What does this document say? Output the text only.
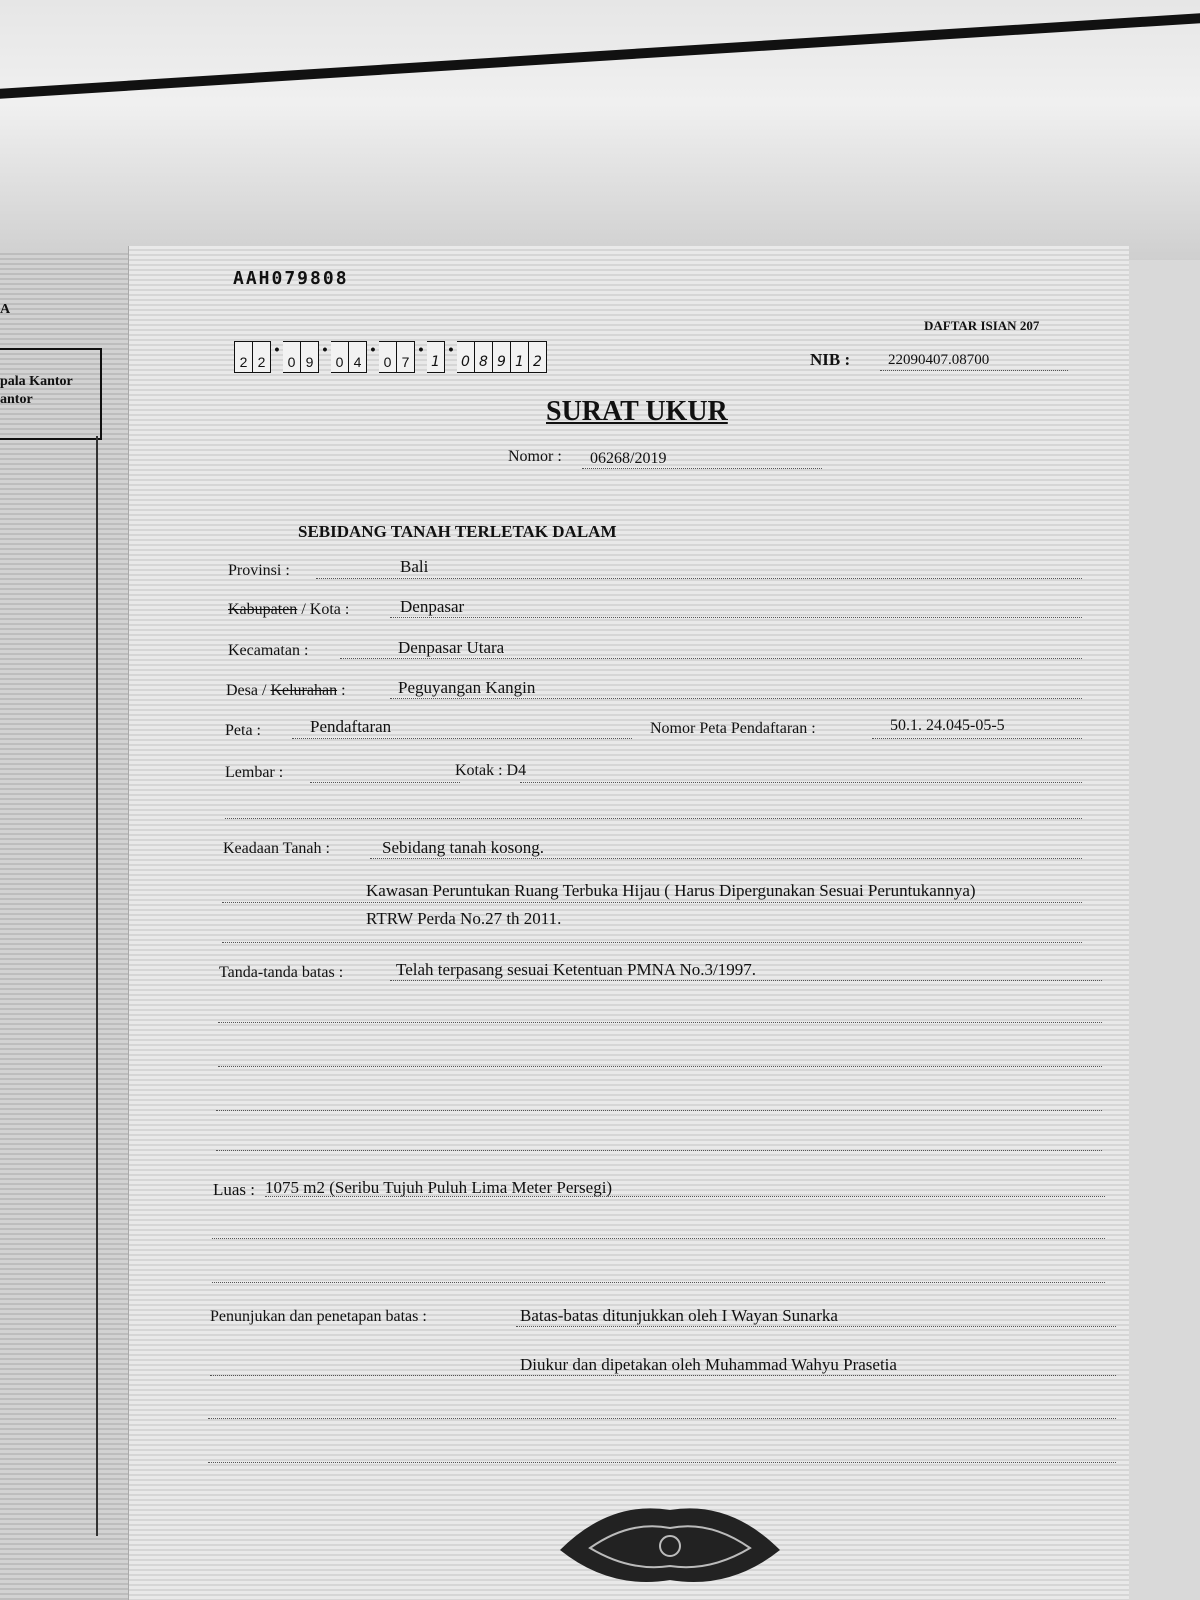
A
pala Kantor
antor
AAH079808
DAFTAR ISIAN 207
2 2
•
0 9
•
0 4
•
0 7
•
1
•
0 8 9 1 2	NIB :	22090407.08700
SURAT UKUR
Nomor : 06268/2019
SEBIDANG TANAH TERLETAK DALAM
Provinsi :	Bali
Kabupaten / Kota :	Denpasar
Kecamatan :	Denpasar Utara
Desa / Kelurahan :	Peguyangan Kangin
Peta :	Pendaftaran	Nomor Peta Pendaftaran :	50.1. 24.045-05-5
Lembar :	Kotak : D4
Keadaan Tanah :	Sebidang tanah kosong.
Kawasan Peruntukan Ruang Terbuka Hijau ( Harus Dipergunakan Sesuai Peruntukannya)
RTRW Perda No.27 th 2011.
Tanda-tanda batas :	Telah terpasang sesuai Ketentuan PMNA No.3/1997.
Luas : 1075 m2 (Seribu Tujuh Puluh Lima Meter Persegi)
Penunjukan dan penetapan batas :	Batas-batas ditunjukkan oleh I Wayan Sunarka
Diukur dan dipetakan oleh Muhammad Wahyu Prasetia
